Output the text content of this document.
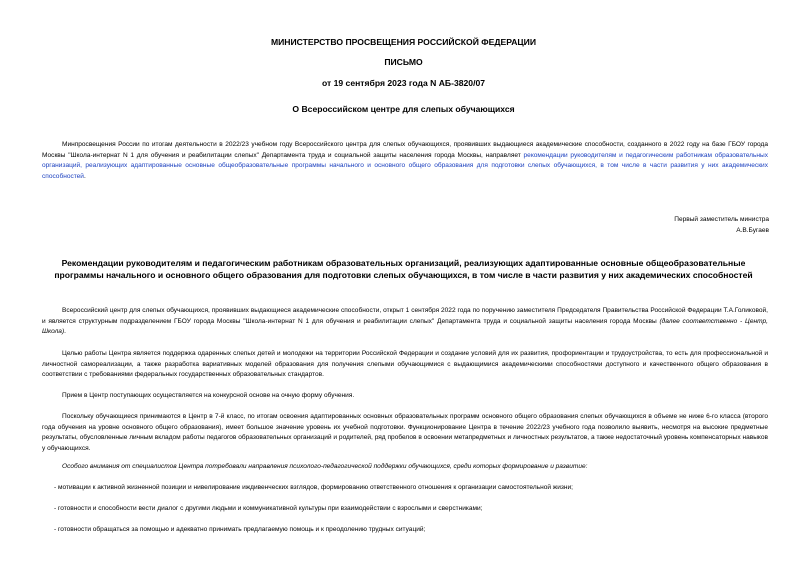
МИНИСТЕРСТВО ПРОСВЕЩЕНИЯ РОССИЙСКОЙ ФЕДЕРАЦИИ
ПИСЬМО
от 19 сентября 2023 года N АБ-3820/07
О Всероссийском центре для слепых обучающихся

Минпросвещения России по итогам деятельности в 2022/23 учебном году Всероссийского центра для слепых обучающихся, проявивших выдающиеся академические способности, созданного в 2022 году на базе ГБОУ города Москвы "Школа-интернат N 1 для обучения и реабилитации слепых" Департамента труда и социальной защиты населения города Москвы, направляет рекомендации руководителям и педагогическим работникам образовательных организаций, реализующих адаптированные основные общеобразовательные программы начального и основного общего образования для подготовки слепых обучающихся, в том числе в части развития у них академических способностей.

Первый заместитель министра
А.В.Бугаев
Рекомендации руководителям и педагогическим работникам образовательных организаций, реализующих адаптированные основные общеобразовательные программы начального и основного общего образования для подготовки слепых обучающихся, в том числе в части развития у них академических способностей

Всероссийский центр для слепых обучающихся, проявивших выдающиеся академические способности, открыт 1 сентября 2022 года по поручению заместителя Председателя Правительства Российской Федерации Т.А.Голиковой, и является структурным подразделением ГБОУ города Москвы "Школа-интернат N 1 для обучения и реабилитации слепых" Департамента труда и социальной защиты населения города Москвы (далее соответственно - Центр, Школа).

Целью работы Центра является поддержка одаренных слепых детей и молодежи на территории Российской Федерации и создание условий для их развития, профориентации и трудоустройства, то есть для профессиональной и личностной самореализации, а также разработка вариативных моделей образования для получения слепыми обучающимися с выдающимися академическими способностями доступного и качественного общего образования в соответствии с требованиями федеральных государственных образовательных стандартов.

Прием в Центр поступающих осуществляется на конкурсной основе на очную форму обучения.

Поскольку обучающиеся принимаются в Центр в 7-й класс, по итогам освоения адаптированных основных образовательных программ основного общего образования слепых обучающихся в объеме не ниже 6-го класса (второго года обучения на уровне основного общего образования), имеет большое значение уровень их учебной подготовки. Функционирование Центра в течение 2022/23 учебного года позволило выявить, несмотря на высокие предметные результаты, обусловленные личным вкладом работы педагогов образовательных организаций и родителей, ряд пробелов в освоении метапредметных и личностных результатов, а также недостаточный уровень компенсаторных навыков у обучающихся.

Особого внимания от специалистов Центра потребовали направления психолого-педагогической поддержки обучающихся, среди которых формирование и развитие:

- мотивации к активной жизненной позиции и нивелирование иждивенческих взглядов, формированию ответственного отношения к организации самостоятельной жизни;
- готовности и способности вести диалог с другими людьми и коммуникативной культуры при взаимодействии с взрослыми и сверстниками;
- готовности обращаться за помощью и адекватно принимать предлагаемую помощь и к преодолению трудных ситуаций;
